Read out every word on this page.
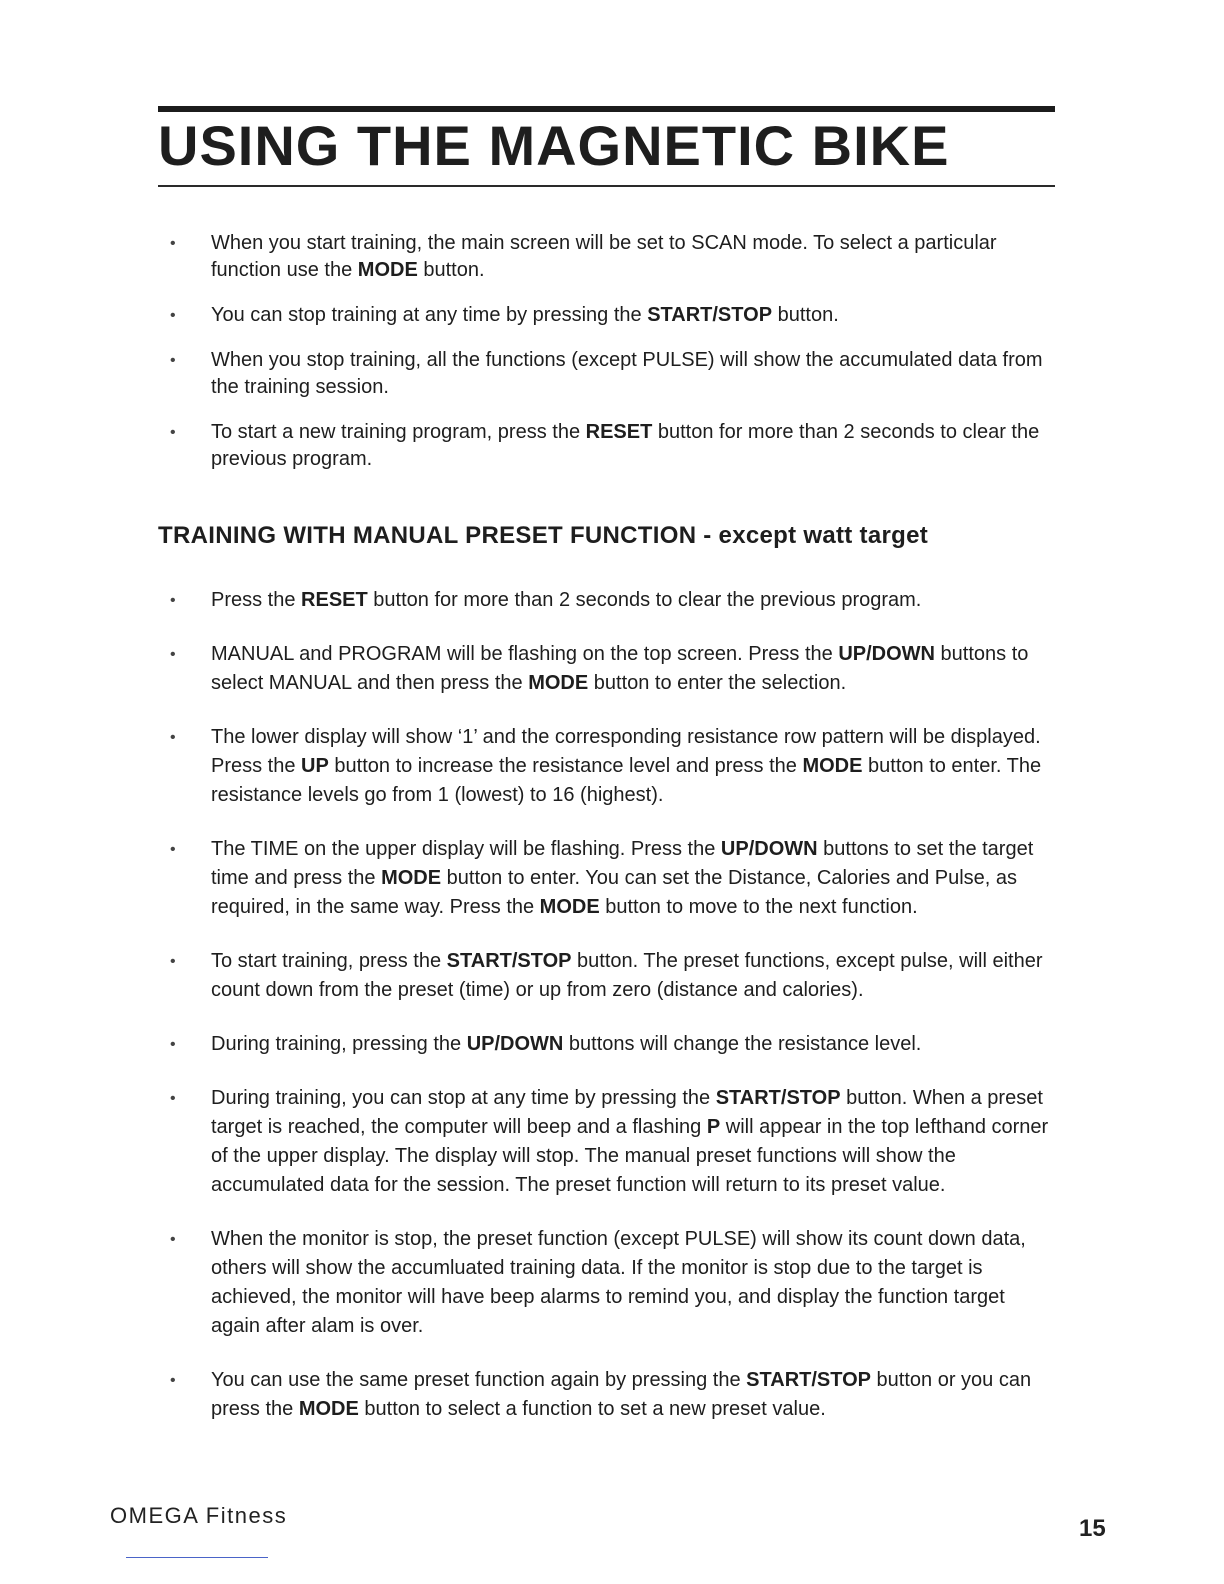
USING THE MAGNETIC BIKE
• When you start training, the main screen will be set to SCAN mode. To select a particular function use the MODE button.
• You can stop training at any time by pressing the START/STOP button.
• When you stop training, all the functions (except PULSE) will show the accumulated data from the training session.
• To start a new training program, press the RESET button for more than 2 seconds to clear the previous program.
TRAINING WITH MANUAL PRESET FUNCTION - except watt target
• Press the RESET button for more than 2 seconds to clear the previous program.
• MANUAL and PROGRAM will be flashing on the top screen. Press the UP/DOWN buttons to select MANUAL and then press the MODE button to enter the selection.
• The lower display will show ‘1’ and the corresponding resistance row pattern will be displayed. Press the UP button to increase the resistance level and press the MODE button to enter. The resistance levels go from 1 (lowest) to 16 (highest).
• The TIME on the upper display will be flashing. Press the UP/DOWN buttons to set the target time and press the MODE button to enter. You can set the Distance, Calories and Pulse, as required, in the same way. Press the MODE button to move to the next function.
• To start training, press the START/STOP button. The preset functions, except pulse, will either count down from the preset (time) or up from zero (distance and calories).
• During training, pressing the UP/DOWN buttons will change the resistance level.
• During training, you can stop at any time by pressing the START/STOP button. When a preset target is reached, the computer will beep and a flashing P will appear in the top lefthand corner of the upper display. The display will stop. The manual preset functions will show the accumulated data for the session. The preset function will return to its preset value.
• When the monitor is stop, the preset function (except PULSE) will show its count down data, others will show the accumluated training data. If the monitor is stop due to the target is achieved, the monitor will have beep alarms to remind you, and display the function target again after alam is over.
• You can use the same preset function again by pressing the START/STOP button or you can press the MODE button to select a function to set a new preset value.
OMEGA Fitness	15
